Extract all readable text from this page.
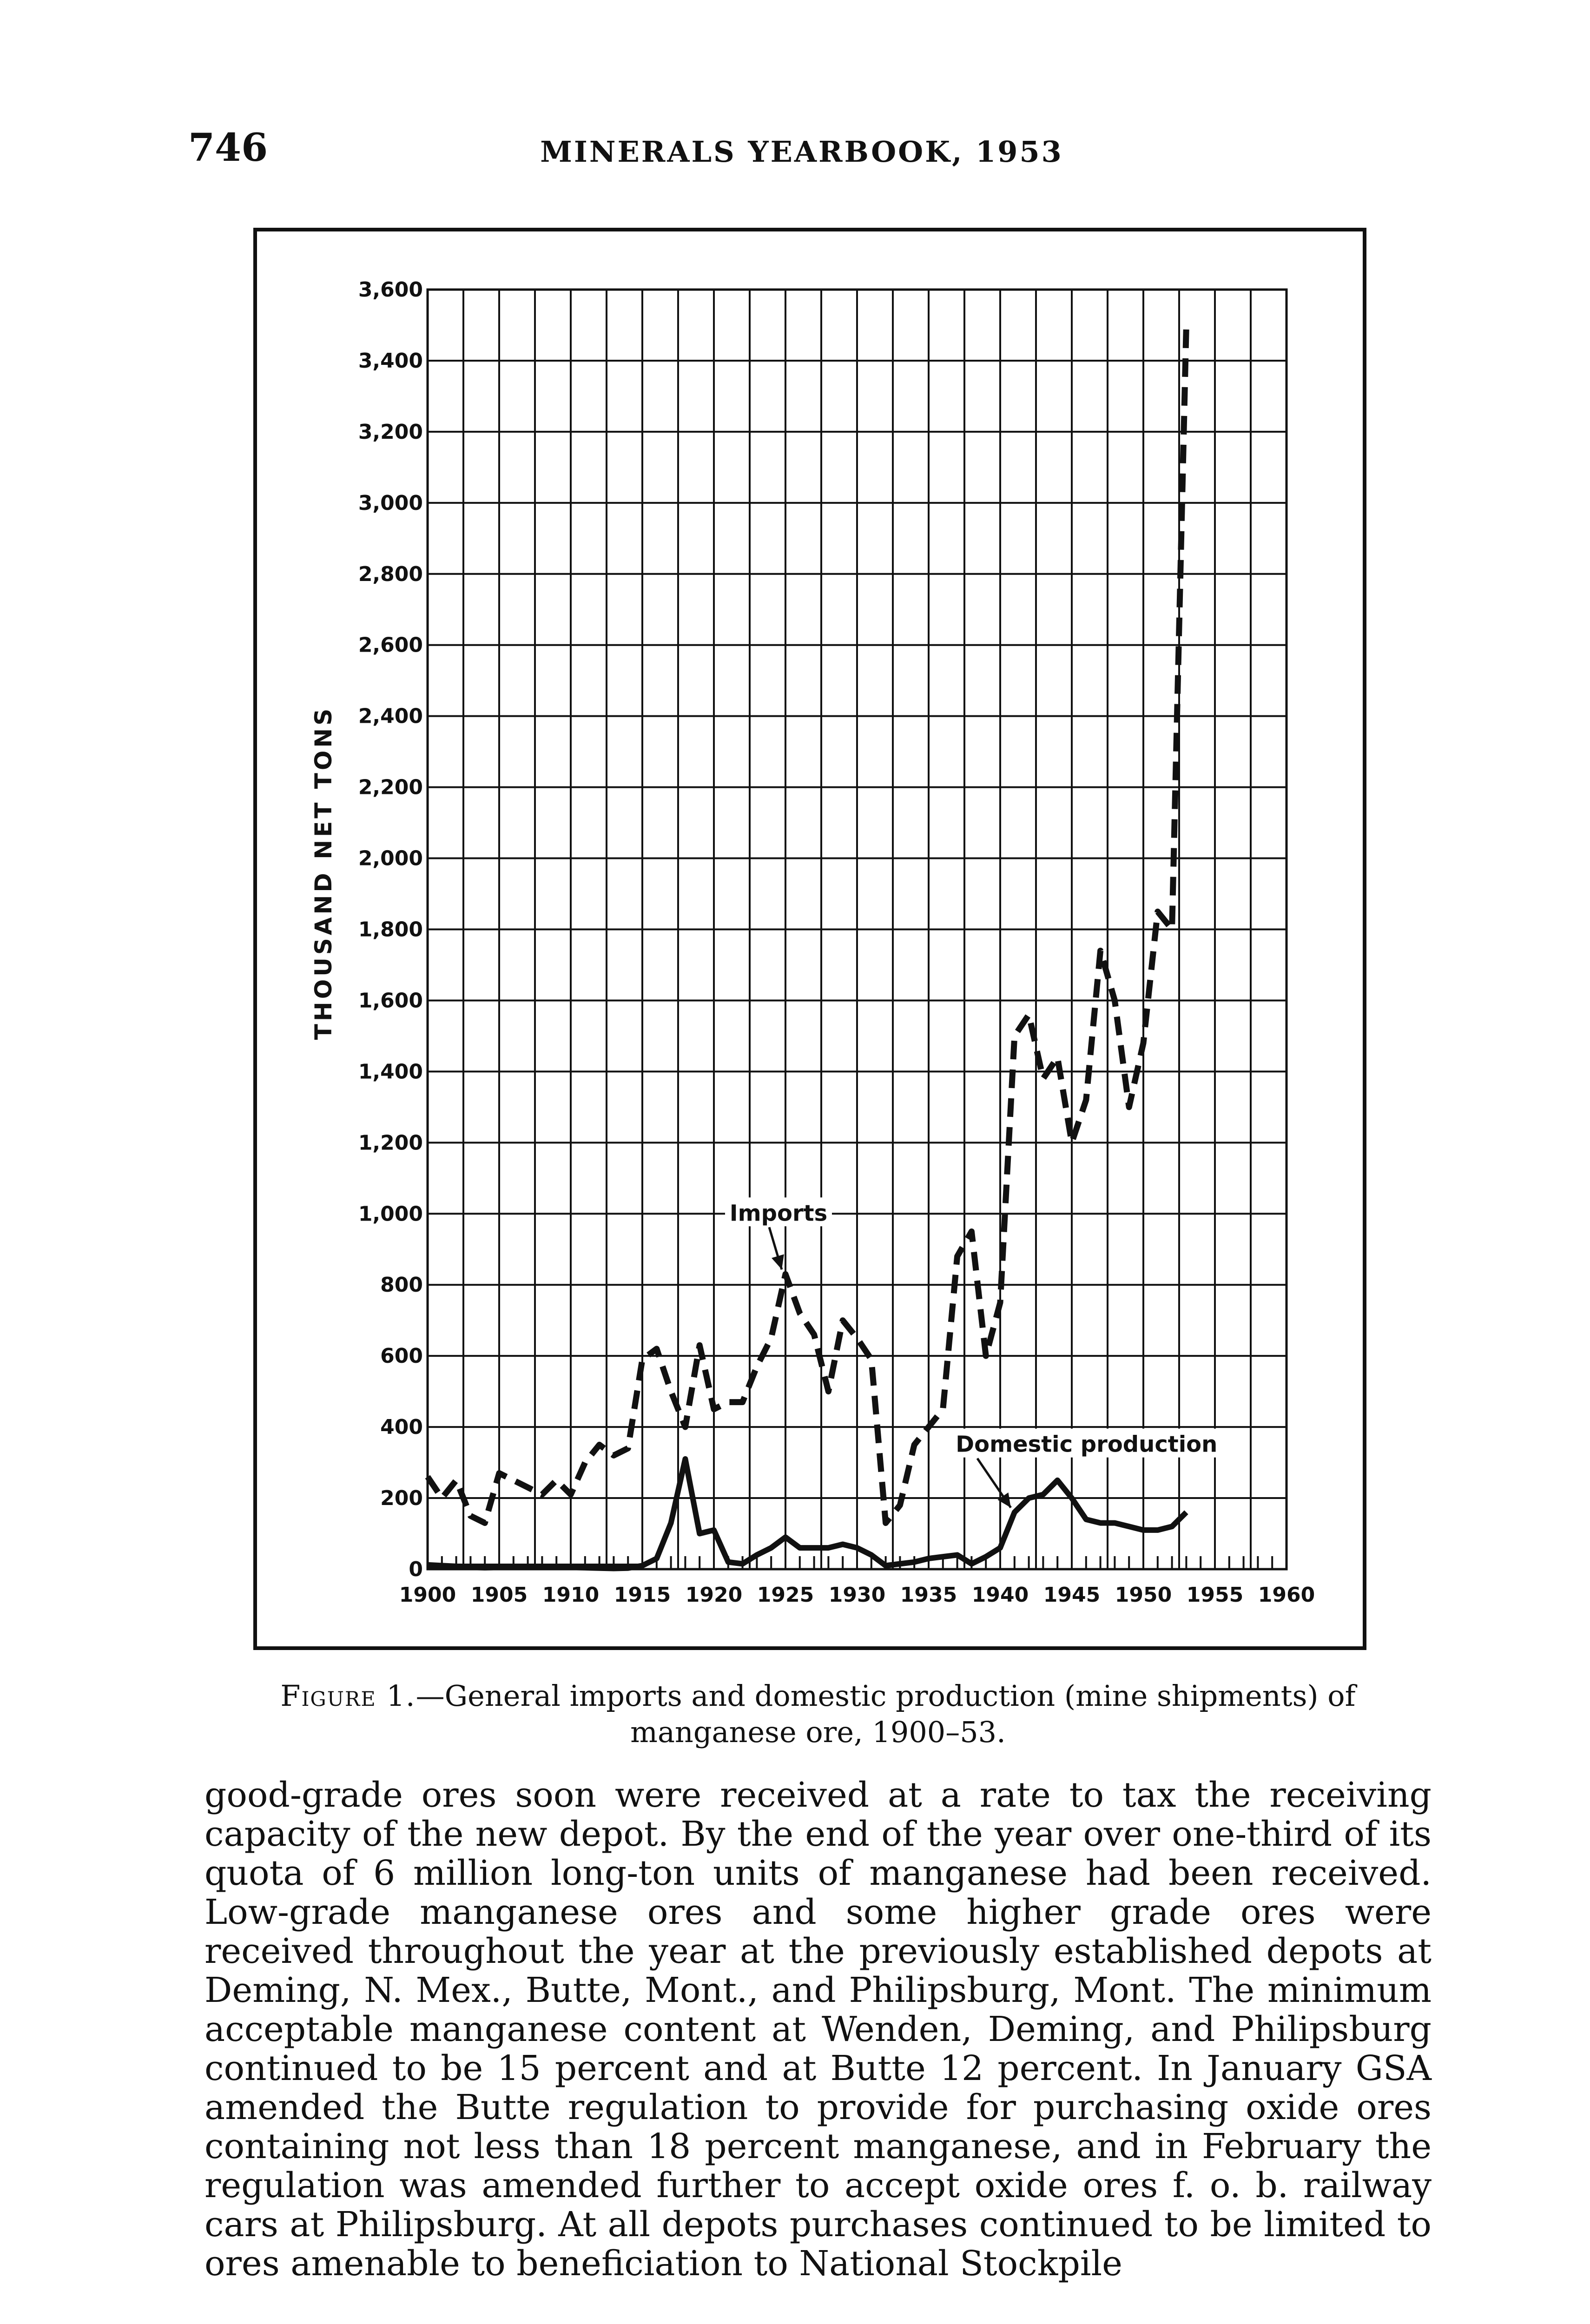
746	MINERALS YEARBOOK, 1953
0
200
400
600
800
1,000
1,200
1,400
1,600
1,800
2,000
2,200
2,400
2,600
2,800
3,000
3,200
3,400
3,600
1900 1905 1910 1915 1920 1925 1930 1935 1940 1945 1950 1955 1960
Imports
Domestic production
THOUSAND NET TONS
Figure 1.—General imports and domestic production (mine shipments) of manganese ore, 1900–53.

good-grade ores soon were received at a rate to tax the receiving capacity of the new depot. By the end of the year over one-third of its quota of 6 million long-ton units of manganese had been received. Low-grade manganese ores and some higher grade ores were received throughout the year at the previously established depots at Deming, N. Mex., Butte, Mont., and Philipsburg, Mont. The minimum acceptable manganese content at Wenden, Deming, and Philipsburg continued to be 15 percent and at Butte 12 percent. In January GSA amended the Butte regulation to provide for purchasing oxide ores containing not less than 18 percent manganese, and in February the regulation was amended further to accept oxide ores f. o. b. railway cars at Philipsburg. At all depots purchases continued to be limited to ores amenable to beneficiation to National Stockpile
